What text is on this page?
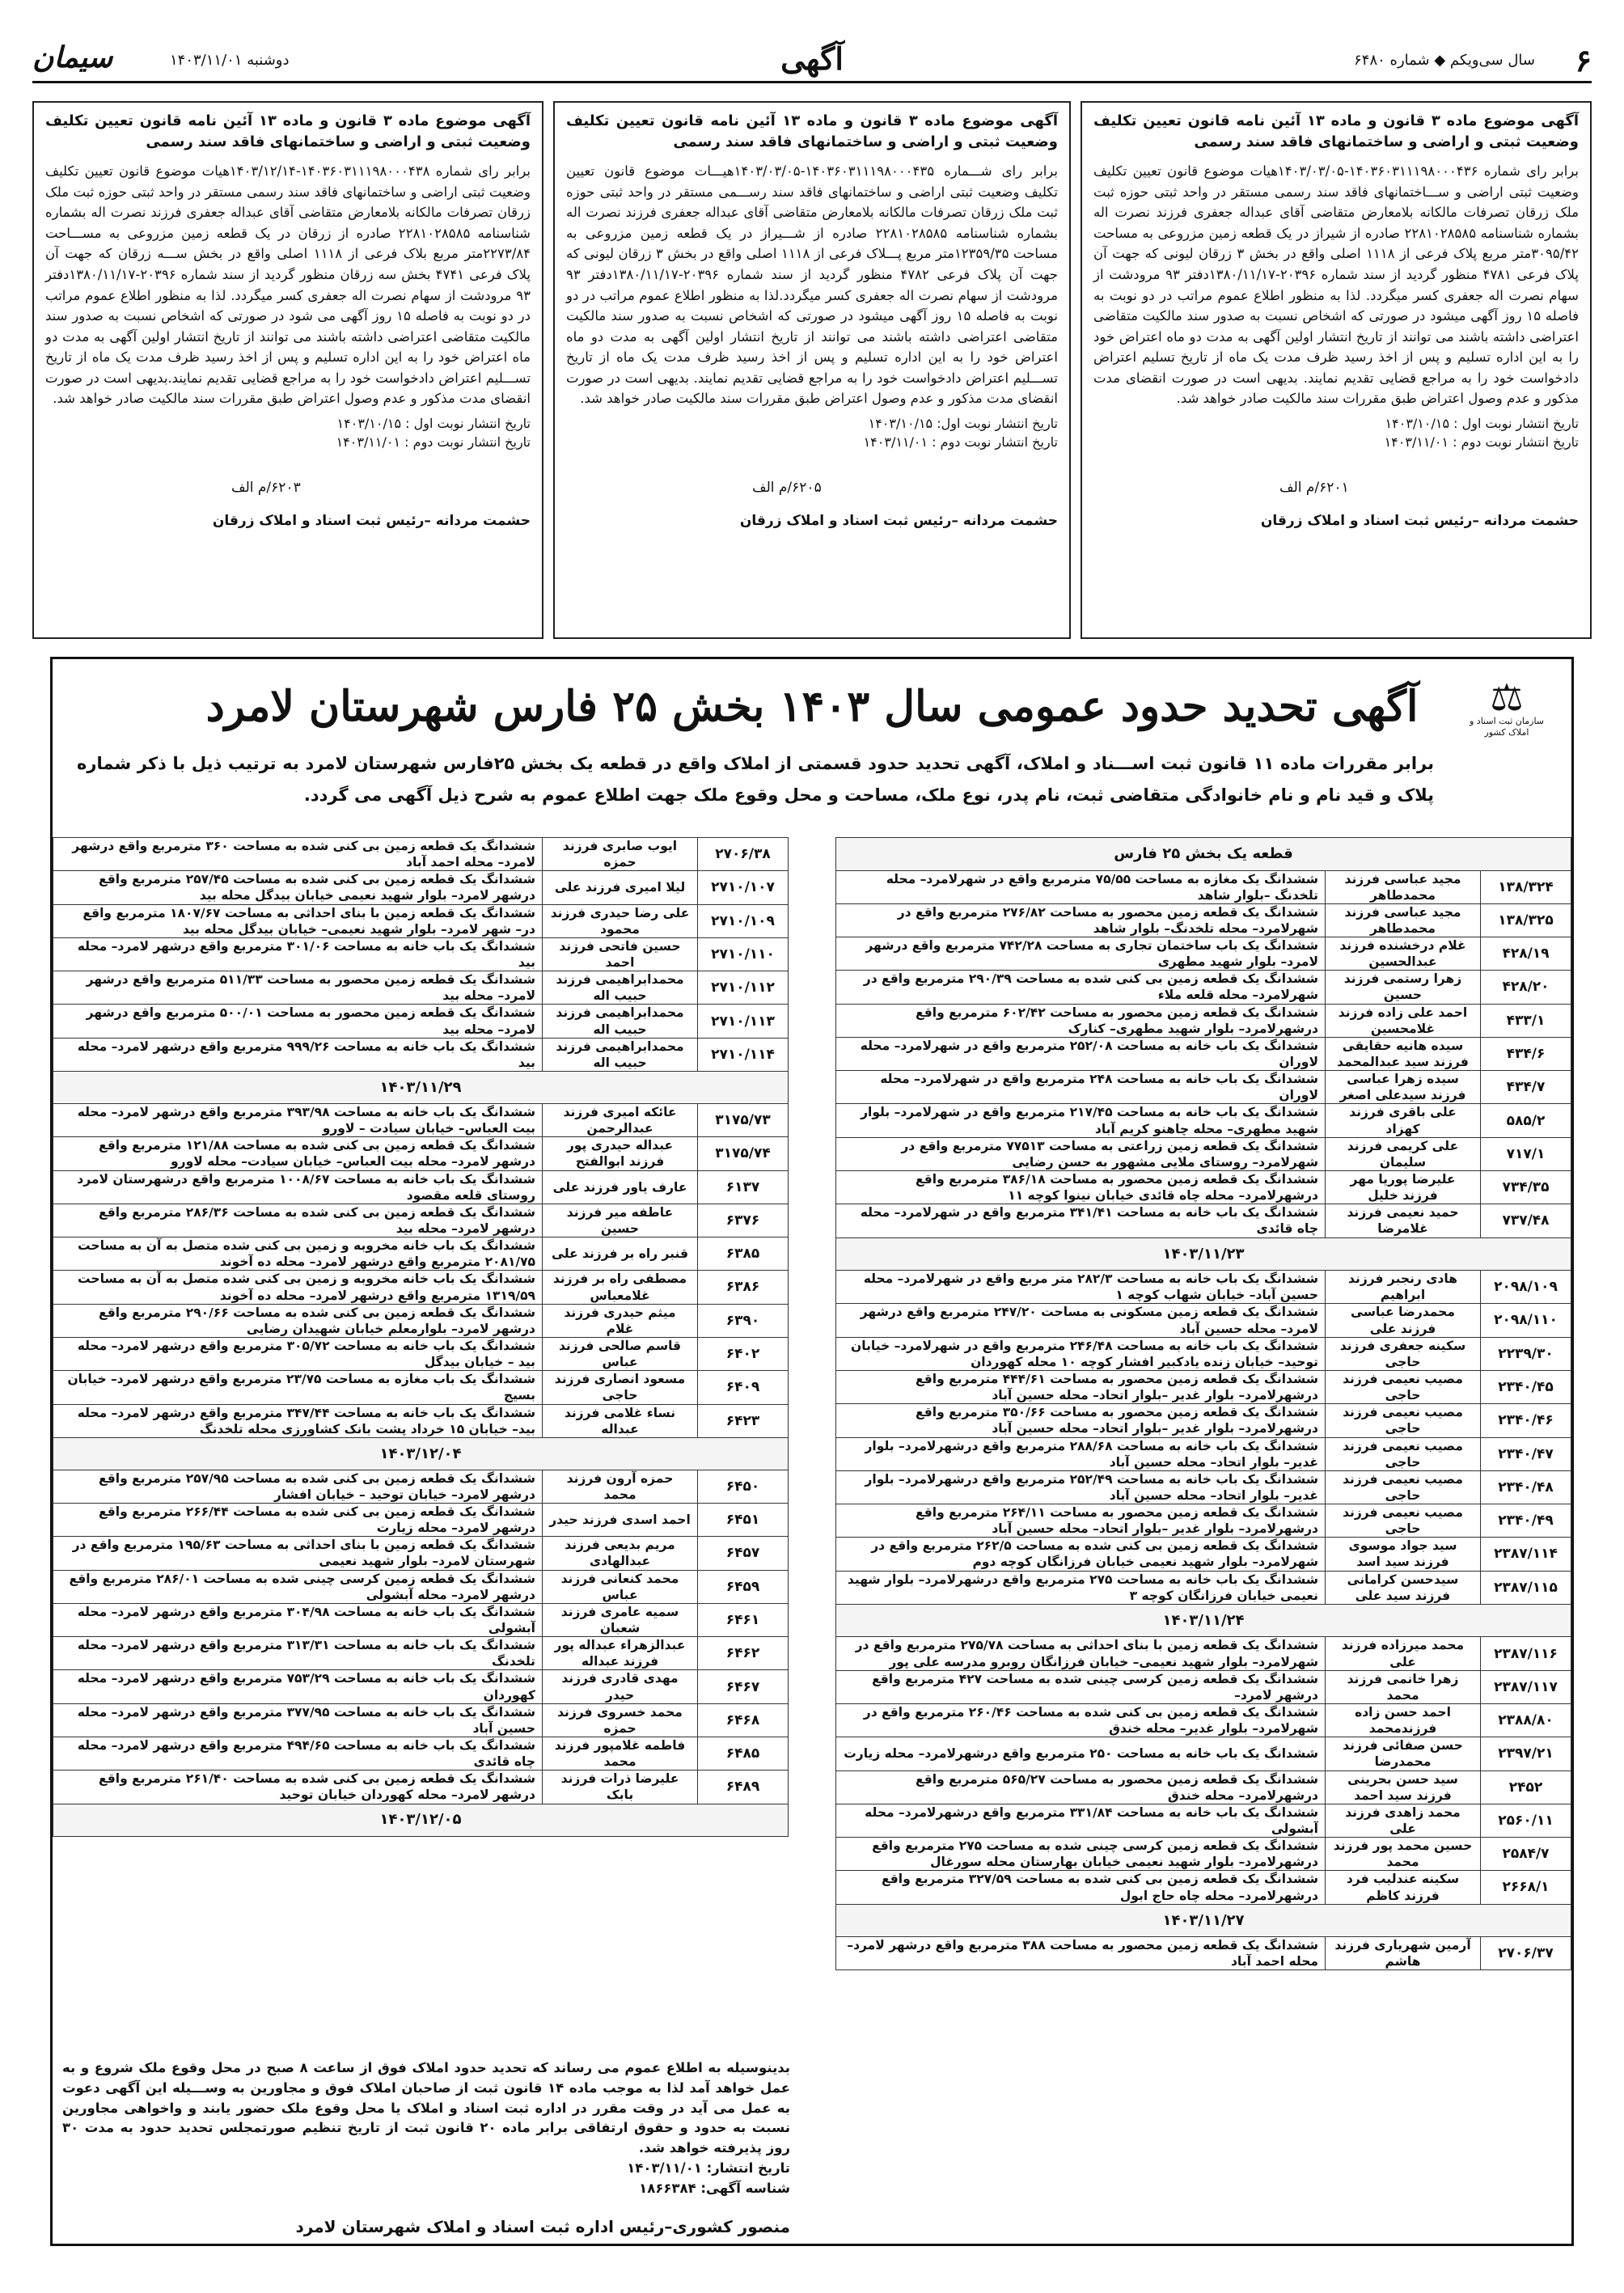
۶
سال سی‌ویکم ◆ شماره ۶۴۸۰
آگهی
دوشنبه ۱۴۰۳/۱۱/۰۱
سیمان
آگهی موضوع ماده ۳ قانون و ماده ۱۳ آئین نامه قانون تعیین تکلیف وضعیت ثبتی و اراضی و ساختمانهای فاقد سند رسمی
برابر رای شماره ۱۴۰۳۶۰۳۱۱۱۹۸۰۰۰۴۳۶-۱۴۰۳/۰۳/۰۵هیات موضوع قانون تعیین تکلیف وضعیت ثبتی اراضی و ســـاختمانهای فاقد سند رسمی مستقر در واحد ثبتی حوزه ثبت ملک زرقان تصرفات مالکانه بلامعارض متقاضی آقای عبداله جعفری فرزند نصرت اله بشماره شناسنامه ۲۲۸۱۰۲۸۵۸۵ صادره از شیراز در یک قطعه زمین مزروعی به مساحت ۳۰۹۵/۴۲متر مربع پلاک فرعی از ۱۱۱۸ اصلی واقع در بخش ۳ زرقان لیونی که جهت آن پلاک فرعی ۴۷۸۱ منظور گردید از سند شماره ۲۰۳۹۶-۱۳۸۰/۱۱/۱۷دفتر ۹۳ مرودشت از سهام نصرت اله جعفری کسر میگردد. لذا به منظور اطلاع عموم مراتب در دو نوبت به فاصله ۱۵ روز آگهی میشود در صورتی که اشخاص نسبت به صدور سند مالکیت متقاضی اعتراضی داشته باشند می توانند از تاریخ انتشار اولین آگهی به مدت دو ماه اعتراض خود را به این اداره تسلیم و پس از اخذ رسید ظرف مدت یک ماه از تاریخ تسلیم اعتراض دادخواست خود را به مراجع قضایی تقدیم نمایند. بدیهی است در صورت انقضای مدت مذکور و عدم وصول اعتراض طبق مقررات سند مالکیت صادر خواهد شد.
تاریخ انتشار نوبت اول : ۱۴۰۳/۱۰/۱۵
تاریخ انتشار نوبت دوم : ۱۴۰۳/۱۱/۰۱
۶۲۰۱/م الف
حشمت مردانه –رئیس ثبت اسناد و املاک زرقان
آگهی موضوع ماده ۳ قانون و ماده ۱۳ آئین نامه قانون تعیین تکلیف وضعیت ثبتی و اراضی و ساختمانهای فاقد سند رسمی
برابر رای شـــماره ۱۴۰۳۶۰۳۱۱۱۹۸۰۰۰۴۳۵-۱۴۰۳/۰۳/۰۵هیـــات موضوع قانون تعیین تکلیف وضعیت ثبتی اراضی و ساختمانهای فاقد سند رســـمی مستقر در واحد ثبتی حوزه ثبت ملک زرقان تصرفات مالکانه بلامعارض متقاضی آقای عبداله جعفری فرزند نصرت اله بشماره شناسنامه ۲۲۸۱۰۲۸۵۸۵ صادره از شـــیراز در یک قطعه زمین مزروعی به مساحت ۱۲۳۵۹/۳۵متر مربع پـــلاک فرعی از ۱۱۱۸ اصلی واقع در بخش ۳ زرقان لیونی که جهت آن پلاک فرعی ۴۷۸۲ منظور گردید از سند شماره ۲۰۳۹۶-۱۳۸۰/۱۱/۱۷دفتر ۹۳ مرودشت از سهام نصرت اله جعفری کسر میگردد.لذا به منظور اطلاع عموم مراتب در دو نوبت به فاصله ۱۵ روز آگهی میشود در صورتی که اشخاص نسبت به صدور سند مالکیت متقاضی اعتراضی داشته باشند می توانند از تاریخ انتشار اولین آگهی به مدت دو ماه اعتراض خود را به این اداره تسلیم و پس از اخذ رسید ظرف مدت یک ماه از تاریخ تســـلیم اعتراض دادخواست خود را به مراجع قضایی تقدیم نمایند. بدیهی است در صورت انقضای مدت مذکور و عدم وصول اعتراض طبق مقررات سند مالکیت صادر خواهد شد.
تاریخ انتشار نوبت اول: ۱۴۰۳/۱۰/۱۵
تاریخ انتشار نوبت دوم : ۱۴۰۳/۱۱/۰۱
۶۲۰۵/م الف
حشمت مردانه –رئیس ثبت اسناد و املاک زرقان
آگهی موضوع ماده ۳ قانون و ماده ۱۳ آئین نامه قانون تعیین تکلیف وضعیت ثبتی و اراضی و ساختمانهای فاقد سند رسمی
برابر رای شماره ۱۴۰۳۶۰۳۱۱۱۹۸۰۰۰۴۳۸-۱۴۰۳/۱۲/۱۴هیات موضوع قانون تعیین تکلیف وضعیت ثبتی اراضی و ساختمانهای فاقد سند رسمی مستقر در واحد ثبتی حوزه ثبت ملک زرقان تصرفات مالکانه بلامعارض متقاضی آقای عبداله جعفری فرزند نصرت اله بشماره شناسنامه ۲۲۸۱۰۲۸۵۸۵ صادره از زرقان در یک قطعه زمین مزروعی به مســـاحت ۲۲۷۳/۸۴متر مربع بلاک فرعی از ۱۱۱۸ اصلی واقع در بخش ســـه زرقان که جهت آن پلاک فرعی ۴۷۴۱ بخش سه زرقان منظور گردید از سند شماره ۲۰۳۹۶-۱۳۸۰/۱۱/۱۷دفتر ۹۳ مرودشت از سهام نصرت اله جعفری کسر میگردد. لذا به منظور اطلاع عموم مراتب در دو نوبت به فاصله ۱۵ روز آگهی می شود در صورتی که اشخاص نسبت به صدور سند مالکیت متقاضی اعتراضی داشته باشند می توانند از تاریخ انتشار اولین آگهی به مدت دو ماه اعتراض خود را به این اداره تسلیم و پس از اخذ رسید ظرف مدت یک ماه از تاریخ تســـلیم اعتراض دادخواست خود را به مراجع قضایی تقدیم نمایند.بدیهی است در صورت انقضای مدت مذکور و عدم وصول اعتراض طبق مقررات سند مالکیت صادر خواهد شد.
تاریخ انتشار نوبت اول : ۱۴۰۳/۱۰/۱۵
تاریخ انتشار نوبت دوم : ۱۴۰۳/۱۱/۰۱
۶۲۰۳/م الف
حشمت مردانه –رئیس ثبت اسناد و املاک زرقان
⚖
سازمان ثبت اسناد و املاک کشور
آگهی تحدید حدود عمومی سال ۱۴۰۳ بخش ۲۵ فارس شهرستان لامرد
برابر مقررات ماده ۱۱ قانون ثبت اســـناد و املاک، آگهی تحدید حدود قسمتی از املاک واقع در قطعه یک بخش ۲۵فارس شهرستان لامرد به ترتیب ذیل با ذکر شماره پلاک و قید نام و نام خانوادگی متقاضی ثبت، نام پدر، نوع ملک، مساحت و محل وقوع ملک جهت اطلاع عموم به شرح ذیل آگهی می گردد.
قطعه یک بخش ۲۵ فارس		
۱۳۸/۳۲۴	مجید عباسی فرزند محمدطاهر	ششدانگ یک مغازه به مساحت ۷۵/۵۵ مترمربع واقع در شهرلامرد– محله تلخدنگ –بلوار شاهد
۱۳۸/۳۲۵	مجید عباسی فرزند محمدطاهر	ششدانگ یک قطعه زمین محصور به مساحت ۲۷۶/۸۲ مترمربع واقع در شهرلامرد– محله تلخدنگ– بلوار شاهد
۴۲۸/۱۹	غلام درخشنده فرزند عبدالحسین	ششدانگ یک باب ساختمان تجاری به مساحت ۷۴۲/۲۸ مترمربع واقع درشهر لامرد– بلوار شهید مطهری
۴۲۸/۲۰	زهرا رستمی فرزند حسین	ششدانگ یک قطعه زمین بی کنی شده به مساحت ۲۹۰/۳۹ مترمربع واقع در شهرلامرد– محله قلعه ملاء
۴۳۳/۱	احمد علی زاده فرزند غلامحسین	ششدانگ یک قطعه زمین محصور به مساحت ۶۰۲/۴۲ مترمربع واقع درشهرلامرد– بلوار شهید مطهری– کنارک
۴۳۴/۶	سیده هانیه حقایقی فرزند سید عبدالمحمد	ششدانگ یک باب خانه به مساحت ۲۵۲/۰۸ مترمربع واقع در شهرلامرد– محله لاوران
۴۳۴/۷	سیده زهرا عباسی فرزند سیدعلی اصغر	ششدانگ یک باب خانه به مساحت ۲۴۸ مترمربع واقع در شهرلامرد– محله لاوران
۵۸۵/۲	علی باقری فرزند کهزاد	ششدانگ یک باب خانه به مساحت ۲۱۷/۴۵ مترمربع واقع در شهرلامرد– بلوار شهید مطهری– محله چاهنو کریم آباد
۷۱۷/۱	علی کریمی فرزند سلیمان	ششدانگ یک قطعه زمین زراعتی به مساحت ۷۷۵۱۳ مترمربع واقع در شهرلامرد– روستای ملایی مشهور به حسن رضایی
۷۳۴/۳۵	علیرضا پوریا مهر فرزند خلیل	ششدانگ یک قطعه زمین محصور به مساحت ۳۸۶/۱۸ مترمربع واقع درشهرلامرد– محله چاه قائدی خیابان نینوا کوچه ۱۱
۷۳۷/۴۸	حمید نعیمی فرزند غلامرضا	ششدانگ یک باب خانه به مساحت ۳۴۱/۴۱ مترمربع واقع در شهرلامرد– محله چاه قائدی
۱۴۰۳/۱۱/۲۳		
۲۰۹۸/۱۰۹	هادی رنجبر فرزند ابراهیم	ششدانگ یک باب خانه به مساحت ۲۸۲/۳ متر مربع واقع در شهرلامرد– محله حسین آباد– خیابان شهاب کوچه ۱
۲۰۹۸/۱۱۰	محمدرضا عباسی فرزند علی	ششدانگ یک قطعه زمین مسکونی به مساحت ۲۴۷/۲۰ مترمربع واقع درشهر لامرد– محله حسین آباد
۲۲۳۹/۳۰	سکینه جعفری فرزند حاجی	ششدانگ یک باب خانه به مساحت ۲۴۶/۴۸ مترمربع واقع در شهرلامرد– خیابان توحید– خیابان زنده یادکبیر افشار کوچه ۱۰ محله کهوردان
۲۳۴۰/۴۵	مصیب نعیمی فرزند حاجی	ششدانگ یک قطعه زمین محصور به مساحت ۴۴۴/۶۱ مترمربع واقع درشهرلامرد– بلوار غدیر –بلوار اتحاد– محله حسین آباد
۲۳۴۰/۴۶	مصیب نعیمی فرزند حاجی	ششدانگ یک قطعه زمین محصور به مساحت ۳۵۰/۶۶ مترمربع واقع درشهرلامرد– بلوار غدیر –بلوار اتحاد– محله حسین آباد
۲۳۴۰/۴۷	مصیب نعیمی فرزند حاجی	ششدانگ یک باب خانه به مساحت ۲۸۸/۶۸ مترمربع واقع درشهرلامرد– بلوار غدیر– بلوار اتحاد– محله حسین آباد
۲۳۴۰/۴۸	مصیب نعیمی فرزند حاجی	ششدانگ یک باب خانه به مساحت ۲۵۲/۴۹ مترمربع واقع درشهرلامرد– بلوار غدیر– بلوار اتحاد– محله حسین آباد
۲۳۴۰/۴۹	مصیب نعیمی فرزند حاجی	ششدانگ یک قطعه زمین محصور به مساحت ۲۶۴/۱۱ مترمربع واقع درشهرلامرد– بلوار غدیر –بلوار اتحاد– محله حسین آباد
۲۳۸۷/۱۱۴	سید جواد موسوی فرزند سید اسد	ششدانگ یک قطعه زمین بی کنی شده به مساحت ۲۶۲/۵ مترمربع واقع در شهرلامرد– بلوار شهید نعیمی خیابان فرزانگان کوچه دوم
۲۳۸۷/۱۱۵	سیدحسن کرامانی فرزند سید علی	ششدانگ یک باب خانه به مساحت ۲۷۵ مترمربع واقع درشهرلامرد– بلوار شهید نعیمی خیابان فرزانگان کوچه ۳
۱۴۰۳/۱۱/۲۴		
۲۳۸۷/۱۱۶	محمد میرزاده فرزند علی	ششدانگ یک قطعه زمین با بنای احداثی به مساحت ۲۷۵/۷۸ مترمربع واقع در شهرلامرد– بلوار شهید نعیمی– خیابان فرزانگان روبرو مدرسه علی پور
۲۳۸۷/۱۱۷	زهرا خانمی فرزند محمد	ششدانگ یک قطعه زمین کرسی چینی شده به مساحت ۴۲۷ مترمربع واقع درشهر لامرد–
۲۳۸۸/۸۰	احمد حسن زاده فرزندمحمد	ششدانگ یک قطعه زمین بی کنی شده به مساحت ۲۶۰/۴۶ مترمربع واقع در شهرلامرد– بلوار غدیر– محله خندق
۲۳۹۷/۲۱	حسن صفائی فرزند محمدرضا	ششدانگ یک باب خانه به مساحت ۲۵۰ مترمربع واقع درشهرلامرد– محله زیارت
۲۴۵۲	سید حسن بحرینی فرزند سید احمد	ششدانگ یک قطعه زمین محصور به مساحت ۵۶۵/۲۷ مترمربع واقع درشهرلامرد– محله خندق
۲۵۶۰/۱۱	محمد زاهدی فرزند علی	ششدانگ یک باب خانه به مساحت ۳۳۱/۸۴ مترمربع واقع درشهرلامرد– محله آبشولی
۲۵۸۴/۷	حسین محمد پور فرزند محمد	ششدانگ یک قطعه زمین کرسی چینی شده به مساحت ۲۷۵ مترمربع واقع درشهرلامرد– بلوار شهید نعیمی خیابان بهارستان محله سورغال
۲۶۶۸/۱	سکینه عندلیب فرد فرزند کاظم	ششدانگ یک قطعه زمین بی کنی شده به مساحت ۳۲۷/۵۹ مترمربع واقع درشهرلامرد– محله چاه حاج ابول
۱۴۰۳/۱۱/۲۷		
۲۷۰۶/۳۷	آرمین شهریاری فرزند هاشم	ششدانگ یک قطعه زمین محصور به مساحت ۳۸۸ مترمربع واقع درشهر لامرد– محله احمد آباد
۲۷۰۶/۳۸	ایوب صابری فرزند حمزه	ششدانگ یک قطعه زمین بی کنی شده به مساحت ۳۶۰ مترمربع واقع درشهر لامرد– محله احمد آباد
۲۷۱۰/۱۰۷	لیلا امیری فرزند علی	ششدانگ یک قطعه زمین بی کنی شده به مساحت ۲۵۷/۴۵ مترمربع واقع درشهر لامرد– بلوار شهید نعیمی خیابان بیدگل محله بید
۲۷۱۰/۱۰۹	علی رضا حیدری فرزند محمود	ششدانگ یک قطعه زمین با بنای احداثی به مساحت ۱۸۰۷/۶۷ مترمربع واقع در– شهر لامرد– بلوار شهید نعیمی– خیابان بیدگل محله بید
۲۷۱۰/۱۱۰	حسین فاتحی فرزند احمد	ششدانگ یک باب خانه به مساحت ۳۰۱/۰۶ مترمربع واقع درشهر لامرد– محله بید
۲۷۱۰/۱۱۲	محمدابراهیمی فرزند حبیب اله	ششدانگ یک قطعه زمین محصور به مساحت ۵۱۱/۳۳ مترمربع واقع درشهر لامرد– محله بید
۲۷۱۰/۱۱۳	محمدابراهیمی فرزند حبیب اله	ششدانگ یک قطعه زمین محصور به مساحت ۵۰۰/۰۱ مترمربع واقع درشهر لامرد– محله بید
۲۷۱۰/۱۱۴	محمدابراهیمی فرزند حبیب اله	ششدانگ یک باب خانه به مساحت ۹۹۹/۲۶ مترمربع واقع درشهر لامرد– محله بید
۱۴۰۳/۱۱/۲۹		
۳۱۷۵/۷۳	عائکه امیری فرزند عبدالرحمن	ششدانگ یک باب خانه به مساحت ۳۹۳/۹۸ مترمربع واقع درشهر لامرد– محله بیت العباس– خیابان سیادت – لاورو
۳۱۷۵/۷۴	عبداله حیدری پور فرزند ابوالفتح	ششدانگ یک قطعه زمین بی کنی شده به مساحت ۱۲۱/۸۸ مترمربع واقع درشهر لامرد– محله بیت العباس– خیابان سیادت– محله لاورو
۶۱۳۷	عارف یاور فرزند علی	ششدانگ یک باب خانه به مساحت ۱۰۰۸/۶۷ مترمربع واقع درشهرستان لامرد روستای قلعه مقصود
۶۳۷۶	عاطفه میر فرزند حسین	ششدانگ یک قطعه زمین بی کنی شده به مساحت ۲۸۶/۳۶ مترمربع واقع درشهر لامرد– محله بید
۶۳۸۵	قنبر راه بر فرزند علی	ششدانگ یک باب خانه مخروبه و زمین بی کنی شده متصل به آن به مساحت ۲۰۸۱/۷۵ مترمربع واقع درشهر لامرد– محله ده آخوند
۶۳۸۶	مصطفی راه بر فرزند غلامعباس	ششدانگ یک باب خانه مخروبه و زمین بی کنی شده متصل به آن به مساحت ۱۳۱۹/۵۹ مترمربع واقع درشهر لامرد– محله ده آخوند
۶۳۹۰	میثم حیدری فرزند غلام	ششدانگ یک قطعه زمین بی کنی شده به مساحت ۲۹۰/۶۶ مترمربع واقع درشهر لامرد– بلوارمعلم خیابان شهیدان رضایی
۶۴۰۲	قاسم صالحی فرزند عباس	ششدانگ یک باب خانه به مساحت ۳۰۵/۷۲ مترمربع واقع درشهر لامرد– محله بید – خیابان بیدگل
۶۴۰۹	مسعود انصاری فرزند حاجی	ششدانگ یک باب مغازه به مساحت ۲۳/۷۵ مترمربع واقع درشهر لامرد– خیابان بسیج
۶۴۲۳	نساء غلامی فرزند عبداله	ششدانگ یک باب خانه به مساحت ۳۴۷/۴۴ مترمربع واقع درشهر لامرد– محله بید– خیابان ۱۵ خرداد پشت بانک کشاورزی محله تلخدنگ
۱۴۰۳/۱۲/۰۴		
۶۴۵۰	حمزه آرون فرزند محمد	ششدانگ یک قطعه زمین بی کنی شده به مساحت ۲۵۷/۹۵ مترمربع واقع درشهر لامرد– خیابان توحید – خیابان افشار
۶۴۵۱	احمد اسدی فرزند حیدر	ششدانگ یک قطعه زمین بی کنی شده به مساحت ۲۶۶/۴۴ مترمربع واقع درشهر لامرد– محله زیارت
۶۴۵۷	مریم بدیعی فرزند عبدالهادی	ششدانگ یک قطعه زمین با بنای احداثی به مساحت ۱۹۵/۶۳ مترمربع واقع در شهرستان لامرد– بلوار شهید نعیمی
۶۴۵۹	محمد کنعانی فرزند عباس	ششدانگ یک قطعه زمین کرسی چینی شده به مساحت ۲۸۶/۰۱ مترمربع واقع درشهر لامرد– محله آبشولی
۶۴۶۱	سمیه عامری فرزند شعبان	ششدانگ یک باب خانه به مساحت ۳۰۴/۹۸ مترمربع واقع درشهر لامرد– محله آبشولی
۶۴۶۲	عبدالزهراء عبداله پور فرزند عبداله	ششدانگ یک باب خانه به مساحت ۳۱۳/۳۱ مترمربع واقع درشهر لامرد– محله تلخدنگ
۶۴۶۷	مهدی قادری فرزند حیدر	ششدانگ یک باب خانه به مساحت ۷۵۳/۲۹ مترمربع واقع درشهر لامرد– محله کهوردان
۶۴۶۸	محمد خسروی فرزند حمزه	ششدانگ یک باب خانه به مساحت ۳۷۷/۹۵ مترمربع واقع درشهر لامرد– محله حسین آباد
۶۴۸۵	فاطمه غلامپور فرزند محمد	ششدانگ یک باب خانه به مساحت ۴۹۴/۶۵ مترمربع واقع درشهر لامرد– محله چاه قائدی
۶۴۸۹	علیرضا ذرات فرزند بابک	ششدانگ یک قطعه زمین بی کنی شده به مساحت ۲۶۱/۴۰ مترمربع واقع درشهر لامرد– محله کهوردان خیابان توحید
۱۴۰۳/۱۲/۰۵		
بدینوسیله به اطلاع عموم می رساند که تحدید حدود املاک فوق از ساعت ۸ صبح در محل وقوع ملک شروع و به عمل خواهد آمد لذا به موجب ماده ۱۴ قانون ثبت از صاحبان املاک فوق و مجاورین به وســـیله این آگهی دعوت به عمل می آید در وقت مقرر در اداره ثبت اسناد و املاک یا محل وقوع ملک حضور یابند و واخواهی مجاورین نسبت به حدود و حقوق ارتفاقی برابر ماده ۲۰ قانون ثبت از تاریخ تنظیم صورتمجلس تحدید حدود به مدت ۳۰ روز پذیرفته خواهد شد.
تاریخ انتشار: ۱۴۰۳/۱۱/۰۱
شناسه آگهی: ۱۸۶۶۳۸۴
منصور کشوری–رئیس اداره ثبت اسناد و املاک شهرستان لامرد
